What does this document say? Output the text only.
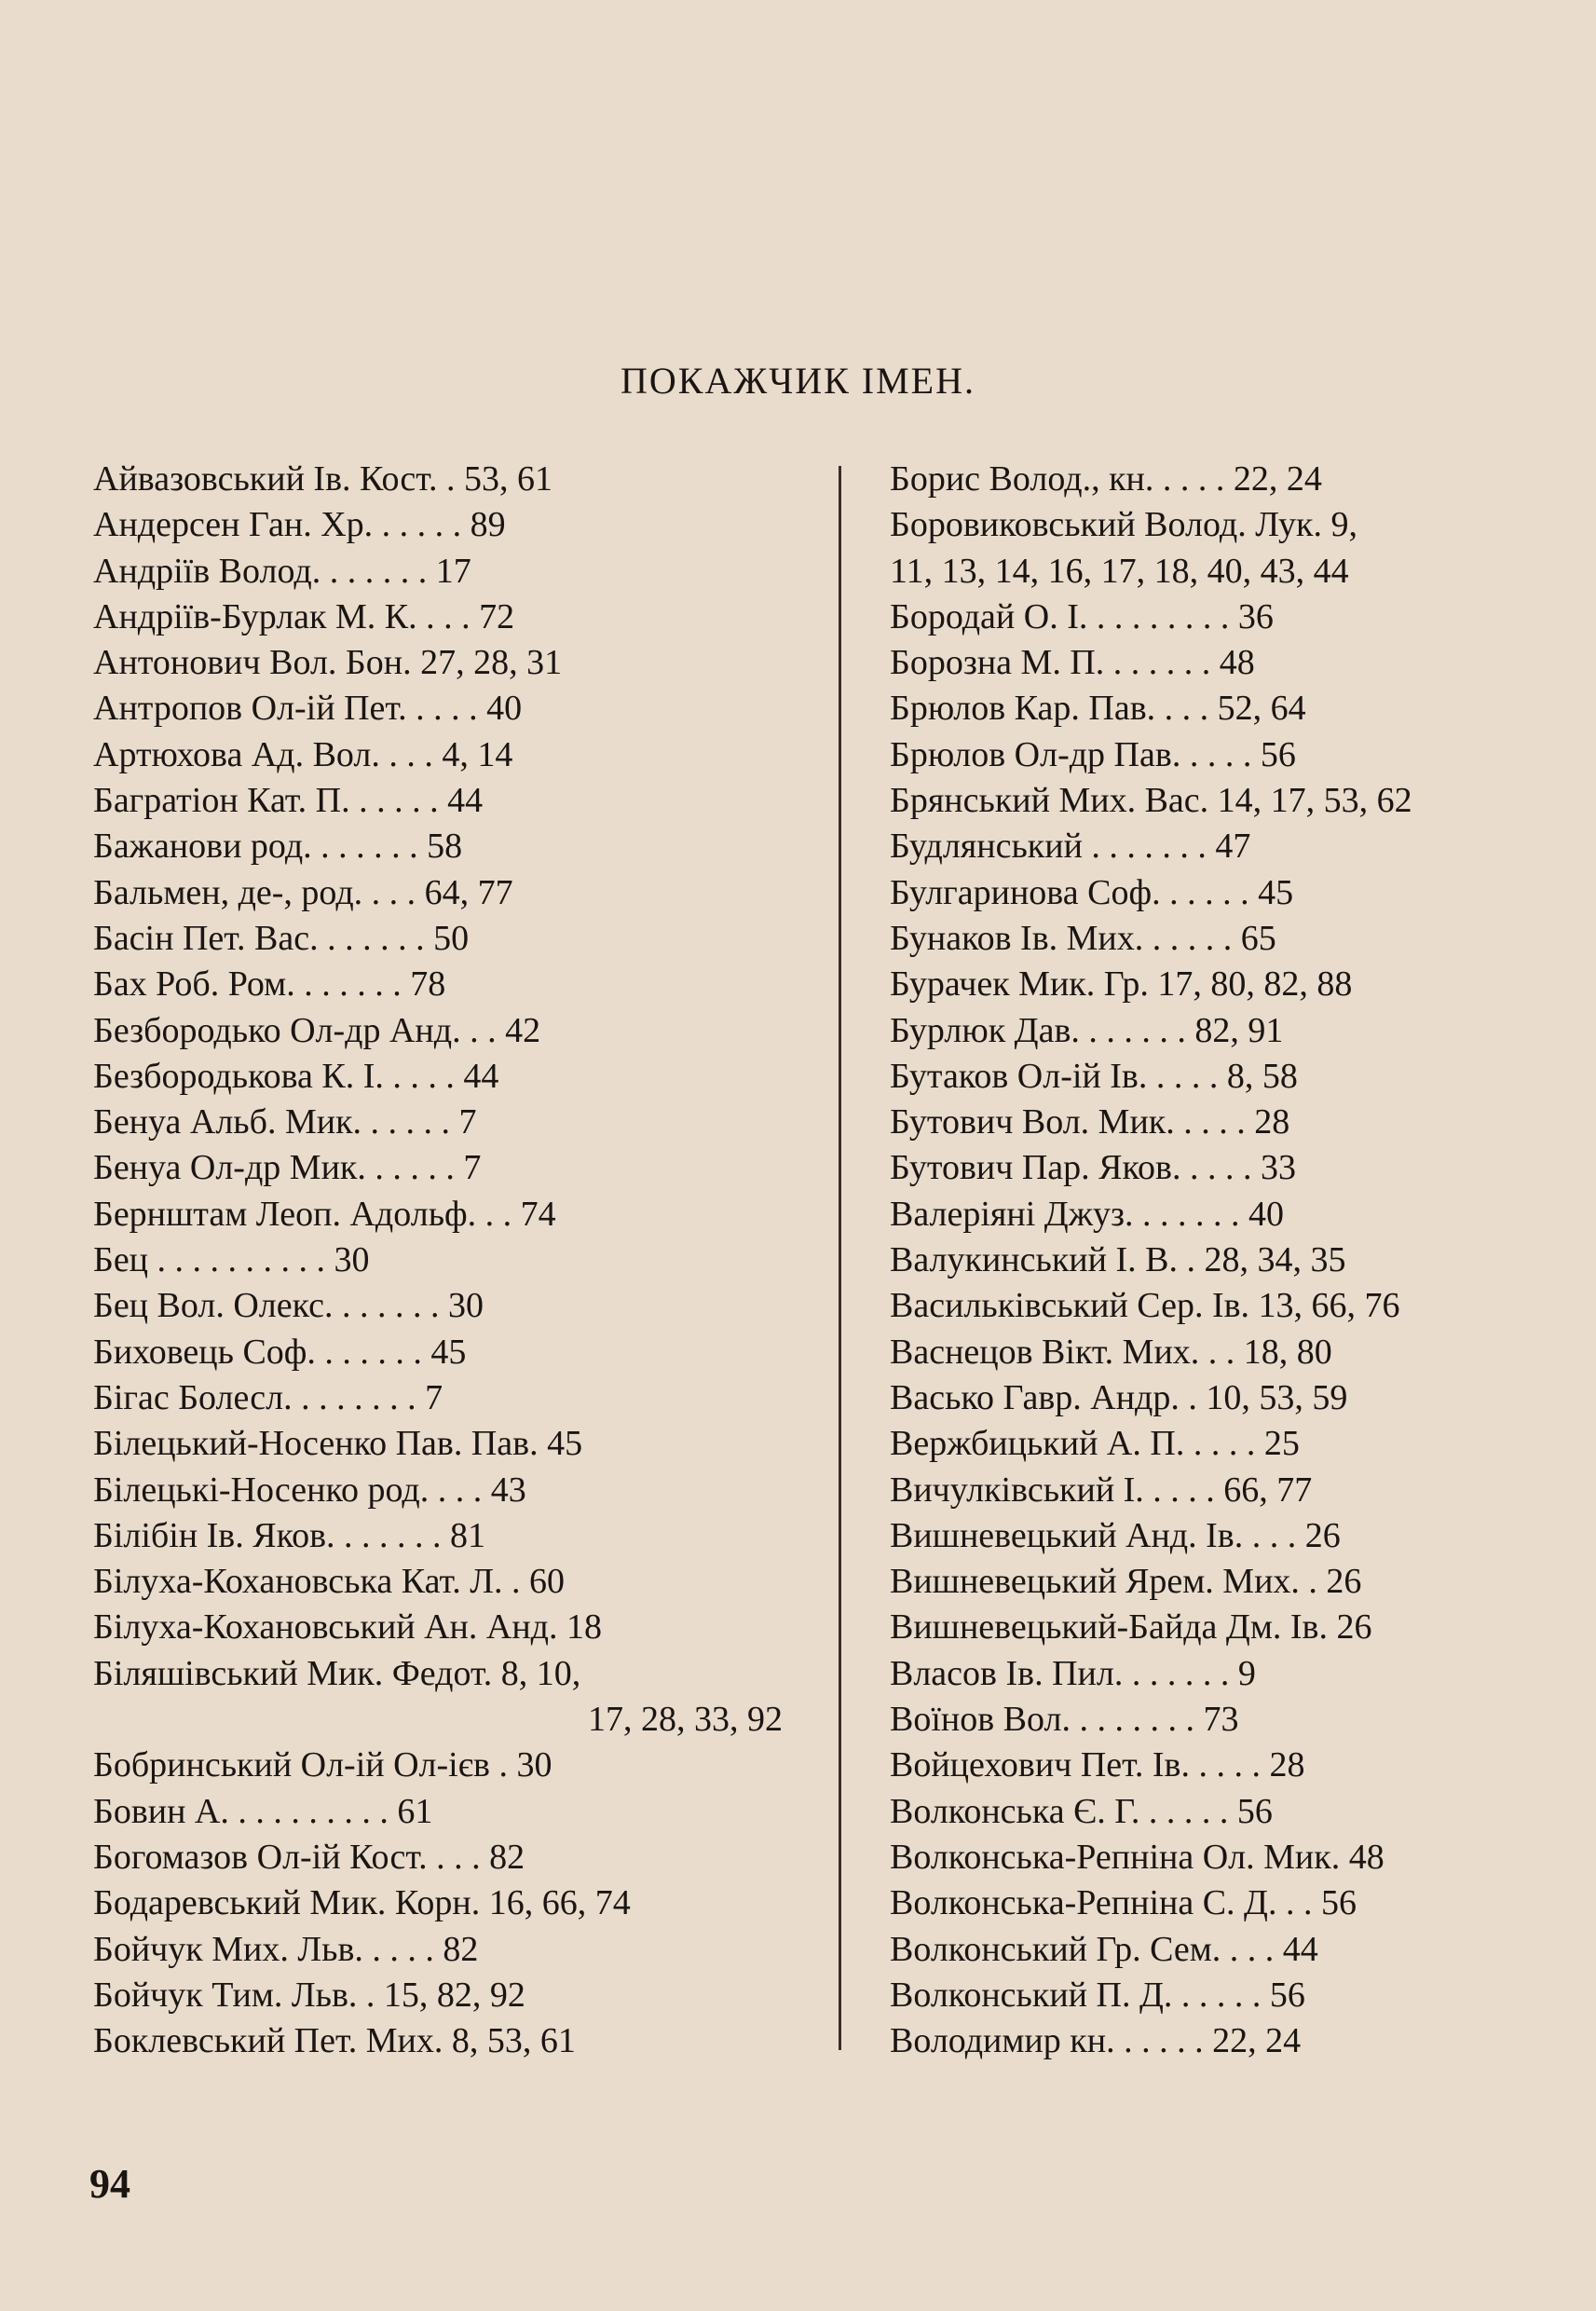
ПОКАЖЧИК ІМЕН.
Айвазовський Ів. Кост. . 53, 61
Андерсен Ган. Хр. . . . . . 89
Андріїв Волод. . . . . . . 17
Андріїв-Бурлак М. К. . . . 72
Антонович Вол. Бон. 27, 28, 31
Антропов Ол-ій Пет. . . . . 40
Артюхова Ад. Вол. . . . 4, 14
Багратіон Кат. П. . . . . . 44
Бажанови род. . . . . . . 58
Бальмен, де-, род. . . . 64, 77
Басін Пет. Вас. . . . . . . 50
Бах Роб. Ром. . . . . . . 78
Безбородько Ол-др Анд. . . 42
Безбородькова К. І. . . . . 44
Бенуа Альб. Мик. . . . . . 7
Бенуа Ол-др Мик. . . . . . 7
Бернштам Леоп. Адольф. . . 74
Бец . . . . . . . . . . 30
Бец Вол. Олекс. . . . . . . 30
Биховець Соф. . . . . . . 45
Бігас Болесл. . . . . . . . 7
Білецький-Носенко Пав. Пав. 45
Білецькі-Носенко род. . . . 43
Білібін Ів. Яков. . . . . . . 81
Білуха-Кохановська Кат. Л. . 60
Білуха-Кохановський Ан. Анд. 18
Біляшівський Мик. Федот. 8, 10,
17, 28, 33, 92
Бобринський Ол-ій Ол-ієв . 30
Бовин А. . . . . . . . . . 61
Богомазов Ол-ій Кост. . . . 82
Бодаревський Мик. Корн. 16, 66, 74
Бойчук Мих. Льв. . . . . 82
Бойчук Тим. Льв. . 15, 82, 92
Боклевський Пет. Мих. 8, 53, 61
Борис Волод., кн. . . . . 22, 24
Боровиковський Волод. Лук. 9,
11, 13, 14, 16, 17, 18, 40, 43, 44
Бородай О. І. . . . . . . . . 36
Борозна М. П. . . . . . . 48
Брюлов Кар. Пав. . . . 52, 64
Брюлов Ол-др Пав. . . . . 56
Брянський Мих. Вас. 14, 17, 53, 62
Будлянський . . . . . . . 47
Булгаринова Соф. . . . . . 45
Бунаков Ів. Мих. . . . . . 65
Бурачек Мик. Гр. 17, 80, 82, 88
Бурлюк Дав. . . . . . . 82, 91
Бутаков Ол-ій Ів. . . . . 8, 58
Бутович Вол. Мик. . . . . 28
Бутович Пар. Яков. . . . . 33
Валеріяні Джуз. . . . . . . 40
Валукинський І. В. . 28, 34, 35
Васильківський Сер. Ів. 13, 66, 76
Васнецов Вікт. Мих. . . 18, 80
Васько Гавр. Андр. . 10, 53, 59
Вержбицький А. П. . . . . 25
Вичулківський І. . . . . 66, 77
Вишневецький Анд. Ів. . . . 26
Вишневецький Ярем. Мих. . 26
Вишневецький-Байда Дм. Ів. 26
Власов Ів. Пил. . . . . . . 9
Воїнов Вол. . . . . . . . 73
Войцехович Пет. Ів. . . . . 28
Волконська Є. Г. . . . . . 56
Волконська-Репніна Ол. Мик. 48
Волконська-Репніна С. Д. . . 56
Волконський Гр. Сем. . . . 44
Волконський П. Д. . . . . . 56
Володимир кн. . . . . . 22, 24
94
